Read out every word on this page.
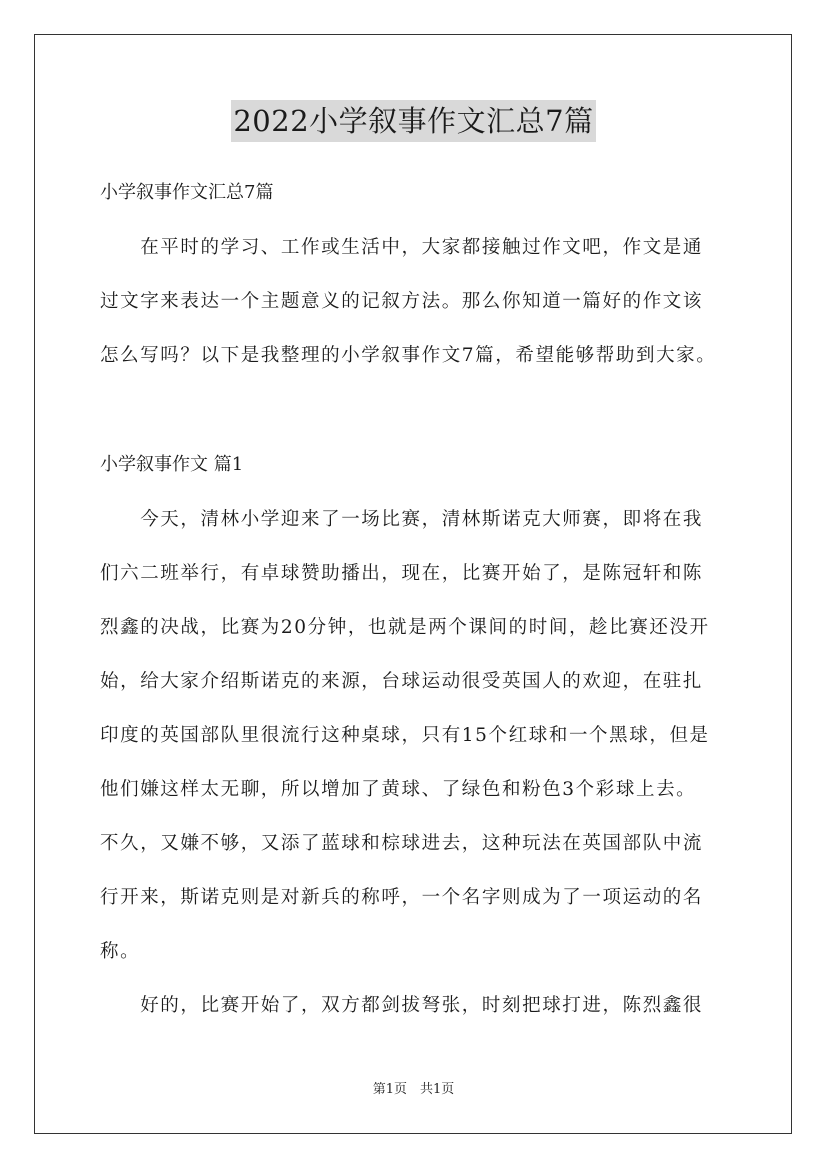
2022小学叙事作文汇总7篇
小学叙事作文汇总7篇
　　在平时的学习、工作或生活中，大家都接触过作文吧，作文是通
过文字来表达一个主题意义的记叙方法。那么你知道一篇好的作文该
怎么写吗？以下是我整理的小学叙事作文7篇，希望能够帮助到大家。
小学叙事作文 篇1
　　今天，清林小学迎来了一场比赛，清林斯诺克大师赛，即将在我
们六二班举行，有卓球赞助播出，现在，比赛开始了，是陈冠轩和陈
烈鑫的决战，比赛为20分钟，也就是两个课间的时间，趁比赛还没开
始，给大家介绍斯诺克的来源，台球运动很受英国人的欢迎，在驻扎
印度的英国部队里很流行这种桌球，只有15个红球和一个黑球，但是
他们嫌这样太无聊，所以增加了黄球、了绿色和粉色3个彩球上去。
不久，又嫌不够，又添了蓝球和棕球进去，这种玩法在英国部队中流
行开来，斯诺克则是对新兵的称呼，一个名字则成为了一项运动的名
称。
　　好的，比赛开始了，双方都剑拔弩张，时刻把球打进，陈烈鑫很
第1页　共1页
